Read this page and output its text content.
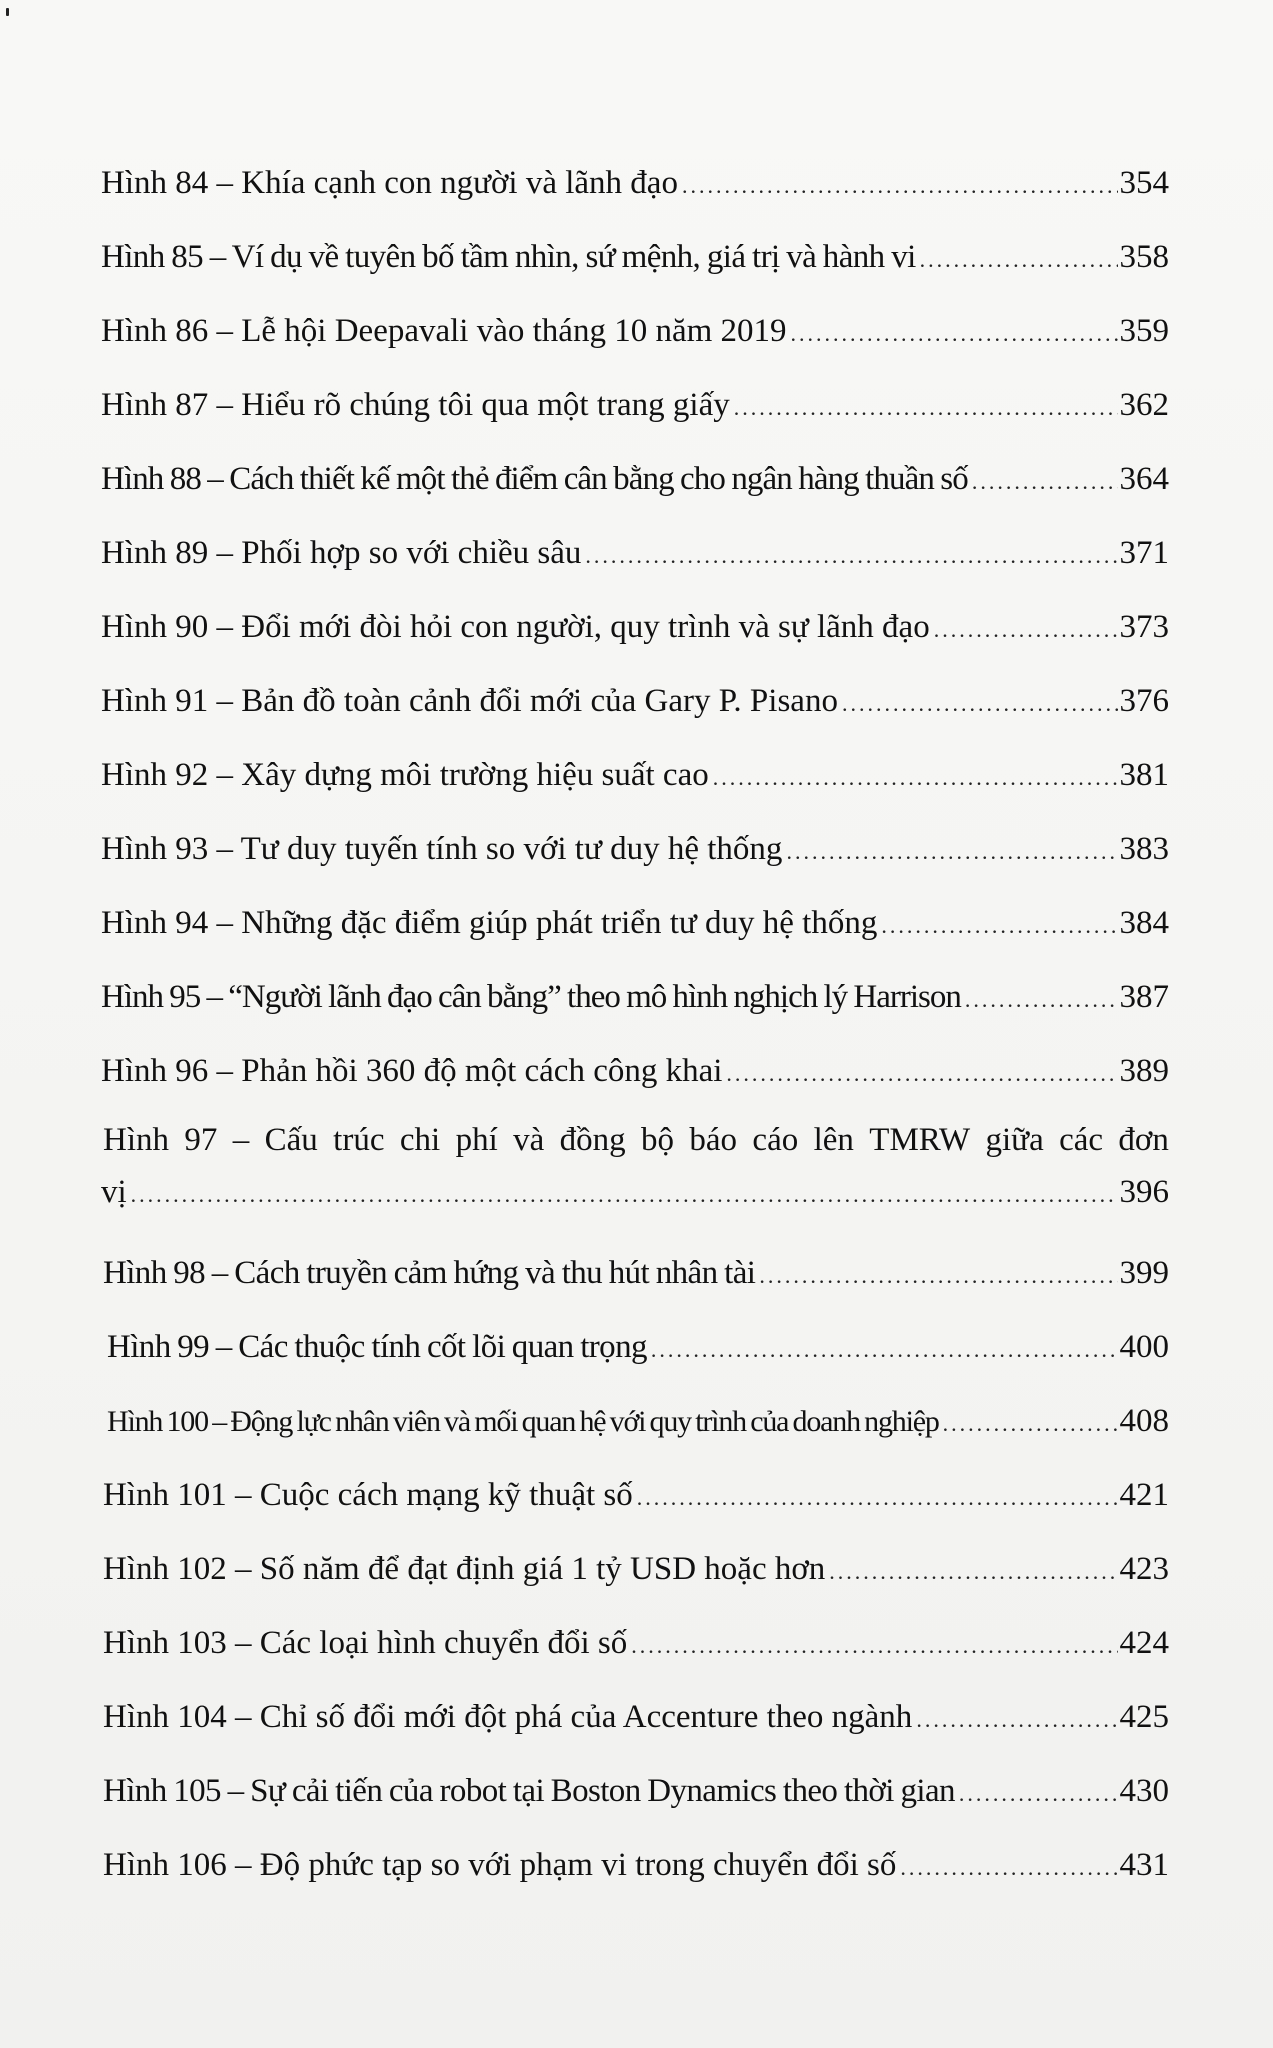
Hình 84 – Khía cạnh con người và lãnh đạo .....	354
Hình 85 – Ví dụ về tuyên bố tầm nhìn, sứ mệnh, giá trị và hành vi .....	358
Hình 86 – Lễ hội Deepavali vào tháng 10 năm 2019 .....	359
Hình 87 – Hiểu rõ chúng tôi qua một trang giấy .....	362
Hình 88 – Cách thiết kế một thẻ điểm cân bằng cho ngân hàng thuần số .....	364
Hình 89 – Phối hợp so với chiều sâu .....	371
Hình 90 – Đổi mới đòi hỏi con người, quy trình và sự lãnh đạo .....	373
Hình 91 – Bản đồ toàn cảnh đổi mới của Gary P. Pisano .....	376
Hình 92 – Xây dựng môi trường hiệu suất cao .....	381
Hình 93 – Tư duy tuyến tính so với tư duy hệ thống .....	383
Hình 94 – Những đặc điểm giúp phát triển tư duy hệ thống .....	384
Hình 95 – “Người lãnh đạo cân bằng” theo mô hình nghịch lý Harrison .....	387
Hình 96 – Phản hồi 360 độ một cách công khai .....	389
Hình 97 – Cấu trúc chi phí và đồng bộ báo cáo lên TMRW giữa các đơn
vị .....	396
Hình 98 – Cách truyền cảm hứng và thu hút nhân tài .....	399
Hình 99 – Các thuộc tính cốt lõi quan trọng .....	400
Hình 100 – Động lực nhân viên và mối quan hệ với quy trình của doanh nghiệp .....	408
Hình 101 – Cuộc cách mạng kỹ thuật số .....	421
Hình 102 – Số năm để đạt định giá 1 tỷ USD hoặc hơn .....	423
Hình 103 – Các loại hình chuyển đổi số .....	424
Hình 104 – Chỉ số đổi mới đột phá của Accenture theo ngành .....	425
Hình 105 – Sự cải tiến của robot tại Boston Dynamics theo thời gian .....	430
Hình 106 – Độ phức tạp so với phạm vi trong chuyển đổi số .....	431
